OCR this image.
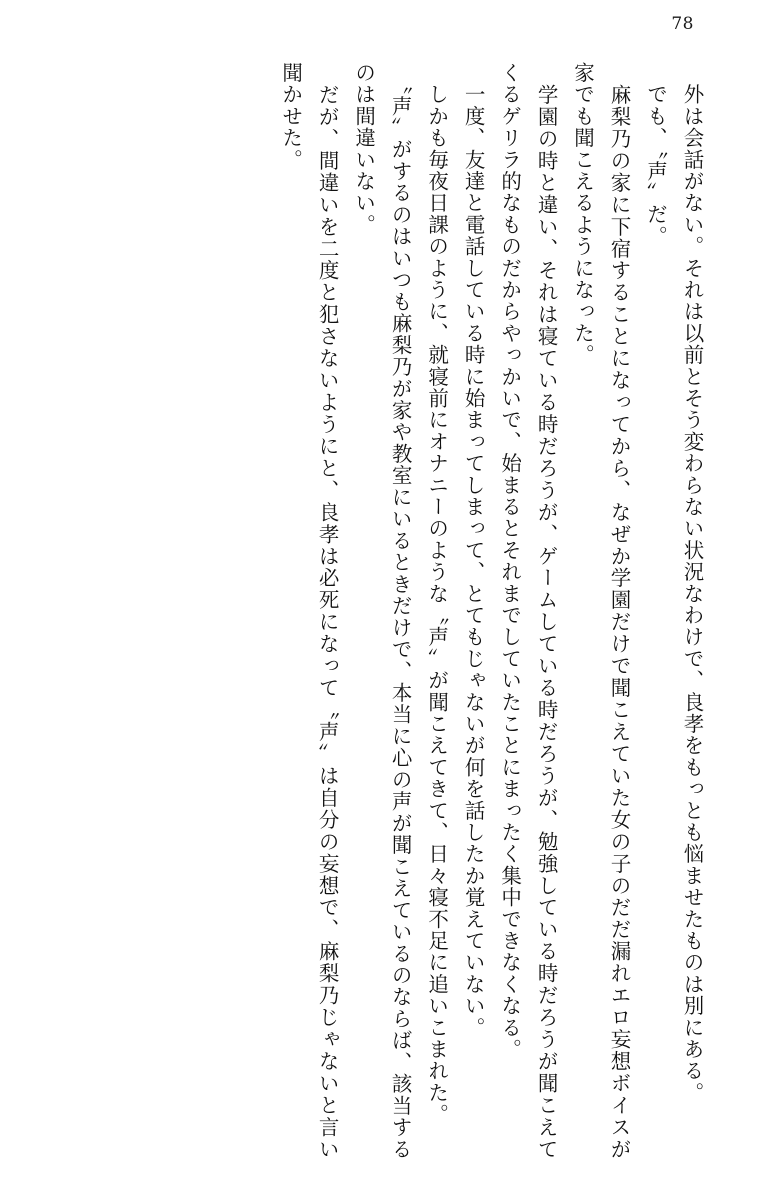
78

　外は会話がない。それは以前とそう変わらない状況なわけで、良孝をもっとも悩ませたものは別にある。

　でも、〝声〟だ。

　麻梨乃の家に下宿することになってから、なぜか学園だけで聞こえていた女の子のだだ漏れエロ妄想ボイスが家でも聞こえるようになった。

　学園の時と違い、それは寝ている時だろうが、ゲームしている時だろうが、勉強している時だろうが聞こえてくるゲリラ的なものだからやっかいで、始まるとそれまでしていたことにまったく集中できなくなる。

　一度、友達と電話している時に始まってしまって、とてもじゃないが何を話したか覚えていない。

　しかも毎夜日課のように、就寝前にオナニーのような〝声〟が聞こえてきて、日々寝不足に追いこまれた。

　〝声〟がするのはいつも麻梨乃が家や教室にいるときだけで、本当に心の声が聞こえているのならば、該当するのは間違いない。

　だが、間違いを二度と犯さないようにと、良孝は必死になって〝声〟は自分の妄想で、麻梨乃じゃないと言い聞かせた。
